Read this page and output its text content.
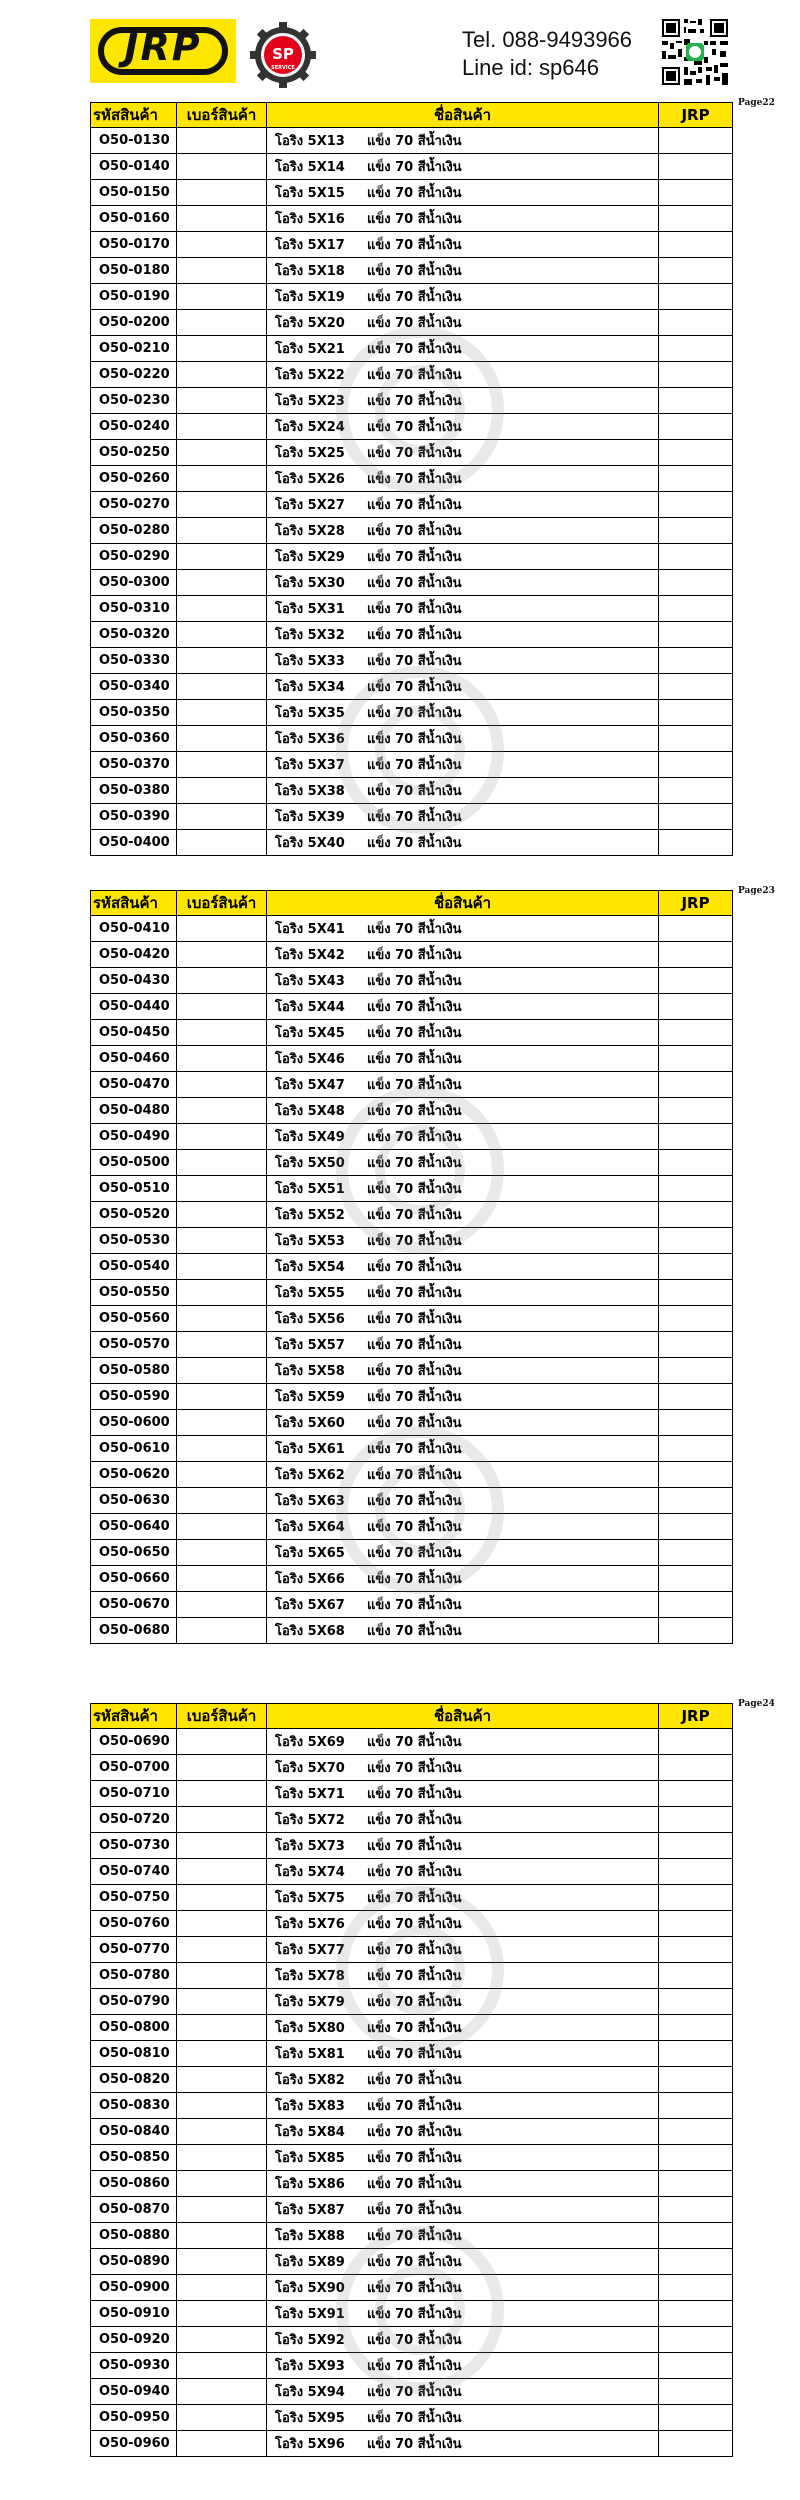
JRP	SP
SERVICE
Tel. 088-9493966
Line id: sp646
Page22
รหัสสินค้า	เบอร์สินค้า	ชื่อสินค้า	JRP
O50-0130		โอริง 5X13 แข็ง 70 สีน้ำเงิน	
O50-0140		โอริง 5X14 แข็ง 70 สีน้ำเงิน	
O50-0150		โอริง 5X15 แข็ง 70 สีน้ำเงิน	
O50-0160		โอริง 5X16 แข็ง 70 สีน้ำเงิน	
O50-0170		โอริง 5X17 แข็ง 70 สีน้ำเงิน	
O50-0180		โอริง 5X18 แข็ง 70 สีน้ำเงิน	
O50-0190		โอริง 5X19 แข็ง 70 สีน้ำเงิน	
O50-0200		โอริง 5X20 แข็ง 70 สีน้ำเงิน	
O50-0210		โอริง 5X21 แข็ง 70 สีน้ำเงิน	
O50-0220		โอริง 5X22 แข็ง 70 สีน้ำเงิน	
O50-0230		โอริง 5X23 แข็ง 70 สีน้ำเงิน	
O50-0240		โอริง 5X24 แข็ง 70 สีน้ำเงิน	
O50-0250		โอริง 5X25 แข็ง 70 สีน้ำเงิน	
O50-0260		โอริง 5X26 แข็ง 70 สีน้ำเงิน	
O50-0270		โอริง 5X27 แข็ง 70 สีน้ำเงิน	
O50-0280		โอริง 5X28 แข็ง 70 สีน้ำเงิน	
O50-0290		โอริง 5X29 แข็ง 70 สีน้ำเงิน	
O50-0300		โอริง 5X30 แข็ง 70 สีน้ำเงิน	
O50-0310		โอริง 5X31 แข็ง 70 สีน้ำเงิน	
O50-0320		โอริง 5X32 แข็ง 70 สีน้ำเงิน	
O50-0330		โอริง 5X33 แข็ง 70 สีน้ำเงิน	
O50-0340		โอริง 5X34 แข็ง 70 สีน้ำเงิน	
O50-0350		โอริง 5X35 แข็ง 70 สีน้ำเงิน	
O50-0360		โอริง 5X36 แข็ง 70 สีน้ำเงิน	
O50-0370		โอริง 5X37 แข็ง 70 สีน้ำเงิน	
O50-0380		โอริง 5X38 แข็ง 70 สีน้ำเงิน	
O50-0390		โอริง 5X39 แข็ง 70 สีน้ำเงิน	
O50-0400		โอริง 5X40 แข็ง 70 สีน้ำเงิน	
Page23
รหัสสินค้า	เบอร์สินค้า	ชื่อสินค้า	JRP
O50-0410		โอริง 5X41 แข็ง 70 สีน้ำเงิน	
O50-0420		โอริง 5X42 แข็ง 70 สีน้ำเงิน	
O50-0430		โอริง 5X43 แข็ง 70 สีน้ำเงิน	
O50-0440		โอริง 5X44 แข็ง 70 สีน้ำเงิน	
O50-0450		โอริง 5X45 แข็ง 70 สีน้ำเงิน	
O50-0460		โอริง 5X46 แข็ง 70 สีน้ำเงิน	
O50-0470		โอริง 5X47 แข็ง 70 สีน้ำเงิน	
O50-0480		โอริง 5X48 แข็ง 70 สีน้ำเงิน	
O50-0490		โอริง 5X49 แข็ง 70 สีน้ำเงิน	
O50-0500		โอริง 5X50 แข็ง 70 สีน้ำเงิน	
O50-0510		โอริง 5X51 แข็ง 70 สีน้ำเงิน	
O50-0520		โอริง 5X52 แข็ง 70 สีน้ำเงิน	
O50-0530		โอริง 5X53 แข็ง 70 สีน้ำเงิน	
O50-0540		โอริง 5X54 แข็ง 70 สีน้ำเงิน	
O50-0550		โอริง 5X55 แข็ง 70 สีน้ำเงิน	
O50-0560		โอริง 5X56 แข็ง 70 สีน้ำเงิน	
O50-0570		โอริง 5X57 แข็ง 70 สีน้ำเงิน	
O50-0580		โอริง 5X58 แข็ง 70 สีน้ำเงิน	
O50-0590		โอริง 5X59 แข็ง 70 สีน้ำเงิน	
O50-0600		โอริง 5X60 แข็ง 70 สีน้ำเงิน	
O50-0610		โอริง 5X61 แข็ง 70 สีน้ำเงิน	
O50-0620		โอริง 5X62 แข็ง 70 สีน้ำเงิน	
O50-0630		โอริง 5X63 แข็ง 70 สีน้ำเงิน	
O50-0640		โอริง 5X64 แข็ง 70 สีน้ำเงิน	
O50-0650		โอริง 5X65 แข็ง 70 สีน้ำเงิน	
O50-0660		โอริง 5X66 แข็ง 70 สีน้ำเงิน	
O50-0670		โอริง 5X67 แข็ง 70 สีน้ำเงิน	
O50-0680		โอริง 5X68 แข็ง 70 สีน้ำเงิน	
Page24
รหัสสินค้า	เบอร์สินค้า	ชื่อสินค้า	JRP
O50-0690		โอริง 5X69 แข็ง 70 สีน้ำเงิน	
O50-0700		โอริง 5X70 แข็ง 70 สีน้ำเงิน	
O50-0710		โอริง 5X71 แข็ง 70 สีน้ำเงิน	
O50-0720		โอริง 5X72 แข็ง 70 สีน้ำเงิน	
O50-0730		โอริง 5X73 แข็ง 70 สีน้ำเงิน	
O50-0740		โอริง 5X74 แข็ง 70 สีน้ำเงิน	
O50-0750		โอริง 5X75 แข็ง 70 สีน้ำเงิน	
O50-0760		โอริง 5X76 แข็ง 70 สีน้ำเงิน	
O50-0770		โอริง 5X77 แข็ง 70 สีน้ำเงิน	
O50-0780		โอริง 5X78 แข็ง 70 สีน้ำเงิน	
O50-0790		โอริง 5X79 แข็ง 70 สีน้ำเงิน	
O50-0800		โอริง 5X80 แข็ง 70 สีน้ำเงิน	
O50-0810		โอริง 5X81 แข็ง 70 สีน้ำเงิน	
O50-0820		โอริง 5X82 แข็ง 70 สีน้ำเงิน	
O50-0830		โอริง 5X83 แข็ง 70 สีน้ำเงิน	
O50-0840		โอริง 5X84 แข็ง 70 สีน้ำเงิน	
O50-0850		โอริง 5X85 แข็ง 70 สีน้ำเงิน	
O50-0860		โอริง 5X86 แข็ง 70 สีน้ำเงิน	
O50-0870		โอริง 5X87 แข็ง 70 สีน้ำเงิน	
O50-0880		โอริง 5X88 แข็ง 70 สีน้ำเงิน	
O50-0890		โอริง 5X89 แข็ง 70 สีน้ำเงิน	
O50-0900		โอริง 5X90 แข็ง 70 สีน้ำเงิน	
O50-0910		โอริง 5X91 แข็ง 70 สีน้ำเงิน	
O50-0920		โอริง 5X92 แข็ง 70 สีน้ำเงิน	
O50-0930		โอริง 5X93 แข็ง 70 สีน้ำเงิน	
O50-0940		โอริง 5X94 แข็ง 70 สีน้ำเงิน	
O50-0950		โอริง 5X95 แข็ง 70 สีน้ำเงิน	
O50-0960		โอริง 5X96 แข็ง 70 สีน้ำเงิน	
